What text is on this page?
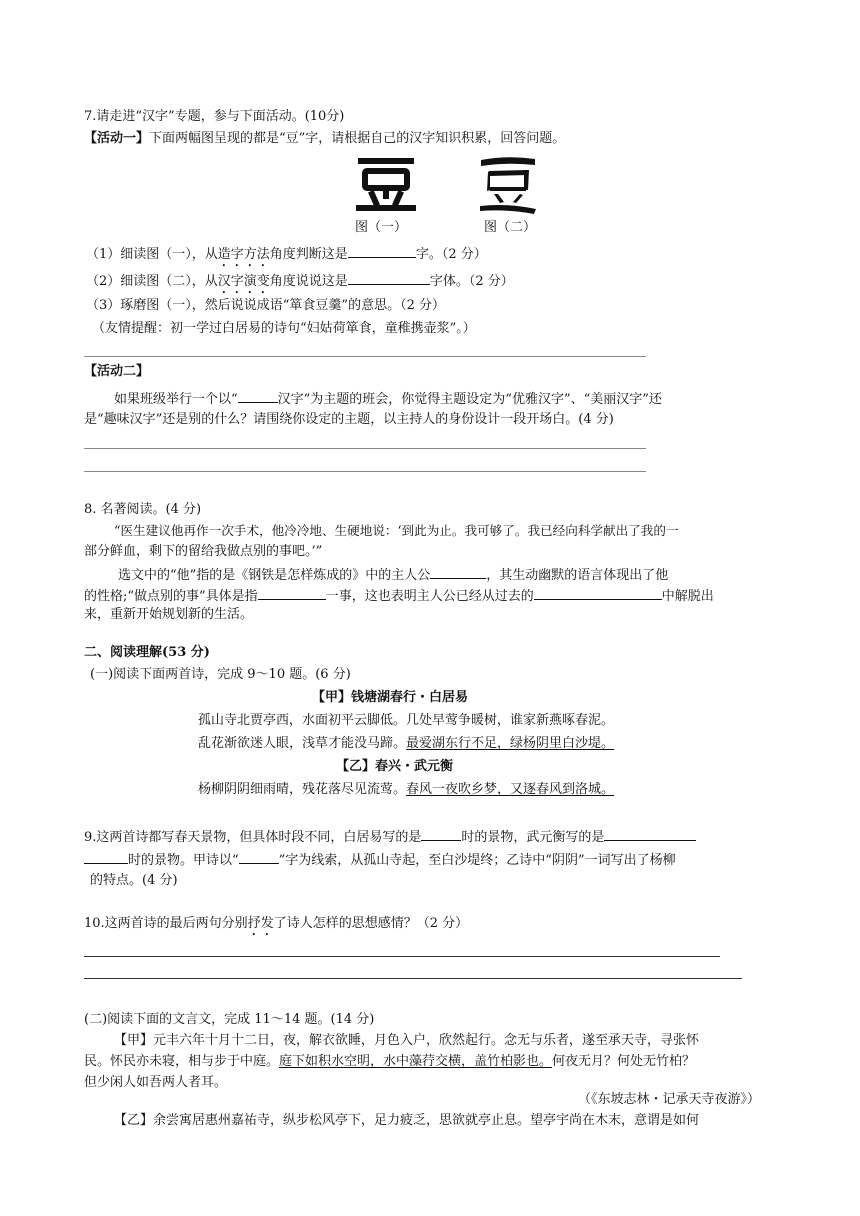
7.请走进“汉字”专题，参与下面活动。(10分)
【活动一】下面两幅图呈现的都是“豆”字，请根据自己的汉字知识积累，回答问题。
图（一）	图（二）
（1）细读图（一），从造字方法角度判断这是	字。（2 分）
（2）细读图（二），从汉字演变角度说说这是	字体。（2 分）
（3）琢磨图（一），然后说说成语“箪食豆羹”的意思。（2 分）
（友情提醒：初一学过白居易的诗句“妇姑荷箪食，童稚携壶浆”。）
【活动二】
如果班级举行一个以“	汉字”为主题的班会，你觉得主题设定为“优雅汉字”、“美丽汉字”还
是“趣味汉字”还是别的什么？请围绕你设定的主题，以主持人的身份设计一段开场白。(4 分)
8. 名著阅读。(4 分)
“医生建议他再作一次手术，他冷冷地、生硬地说：‘到此为止。我可够了。我已经向科学献出了我的一
部分鲜血，剩下的留给我做点别的事吧。’”
选文中的“他”指的是《钢铁是怎样炼成的》中的主人公	，其生动幽默的语言体现出了他
的性格;“做点别的事”具体是指	一事，这也表明主人公已经从过去的	中解脱出
来，重新开始规划新的生活。
二、阅读理解(53 分)
(一)阅读下面两首诗，完成 9～10 题。(6 分)
【甲】钱塘湖春行・白居易
孤山寺北贾亭西，水面初平云脚低。几处早莺争暖树，谁家新燕啄春泥。
乱花渐欲迷人眼，浅草才能没马蹄。最爱湖东行不足，绿杨阴里白沙堤。
【乙】春兴・武元衡
杨柳阴阴细雨晴，残花落尽见流莺。春风一夜吹乡梦，又逐春风到洛城。
9.这两首诗都写春天景物，但具体时段不同，白居易写的是	时的景物，武元衡写的是
时的景物。甲诗以“	”字为线索，从孤山寺起，至白沙堤终；乙诗中“阴阴”一词写出了杨柳
的特点。(4 分)
10.这两首诗的最后两句分别抒发了诗人怎样的思想感情？（2 分）
(二)阅读下面的文言文，完成 11～14 题。(14 分)
【甲】元丰六年十月十二日，夜，解衣欲睡，月色入户，欣然起行。念无与乐者，遂至承天寺，寻张怀
民。怀民亦未寝，相与步于中庭。庭下如积水空明，水中藻荇交横，盖竹柏影也。何夜无月？何处无竹柏？
但少闲人如吾两人者耳。
（《东坡志林・记承天寺夜游》）
【乙】余尝寓居惠州嘉祐寺，纵步松风亭下，足力疲乏，思欲就亭止息。望亭宇尚在木末，意谓是如何
